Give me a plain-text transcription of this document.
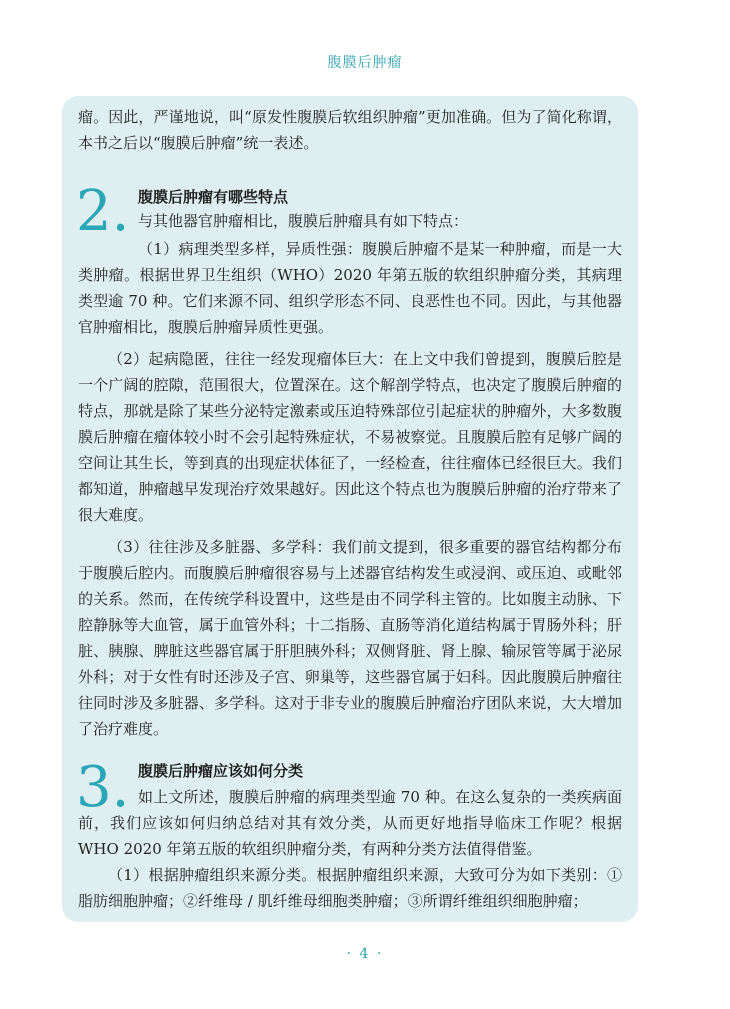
腹膜后肿瘤

瘤。因此，严谨地说，叫“原发性腹膜后软组织肿瘤”更加准确。但为了简化称谓，本书之后以“腹膜后肿瘤”统一表述。

2. 腹膜后肿瘤有哪些特点
与其他器官肿瘤相比，腹膜后肿瘤具有如下特点：

（1）病理类型多样，异质性强：腹膜后肿瘤不是某一种肿瘤，而是一大类肿瘤。根据世界卫生组织（WHO）2020 年第五版的软组织肿瘤分类，其病理类型逾 70 种。它们来源不同、组织学形态不同、良恶性也不同。因此，与其他器官肿瘤相比，腹膜后肿瘤异质性更强。

（2）起病隐匿，往往一经发现瘤体巨大：在上文中我们曾提到，腹膜后腔是一个广阔的腔隙，范围很大，位置深在。这个解剖学特点，也决定了腹膜后肿瘤的特点，那就是除了某些分泌特定激素或压迫特殊部位引起症状的肿瘤外，大多数腹膜后肿瘤在瘤体较小时不会引起特殊症状，不易被察觉。且腹膜后腔有足够广阔的空间让其生长，等到真的出现症状体征了，一经检查，往往瘤体已经很巨大。我们都知道，肿瘤越早发现治疗效果越好。因此这个特点也为腹膜后肿瘤的治疗带来了很大难度。

（3）往往涉及多脏器、多学科：我们前文提到，很多重要的器官结构都分布于腹膜后腔内。而腹膜后肿瘤很容易与上述器官结构发生或浸润、或压迫、或毗邻的关系。然而，在传统学科设置中，这些是由不同学科主管的。比如腹主动脉、下腔静脉等大血管，属于血管外科；十二指肠、直肠等消化道结构属于胃肠外科；肝脏、胰腺、脾脏这些器官属于肝胆胰外科；双侧肾脏、肾上腺、输尿管等属于泌尿外科；对于女性有时还涉及子宫、卵巢等，这些器官属于妇科。因此腹膜后肿瘤往往同时涉及多脏器、多学科。这对于非专业的腹膜后肿瘤治疗团队来说，大大增加了治疗难度。

3. 腹膜后肿瘤应该如何分类

如上文所述，腹膜后肿瘤的病理类型逾 70 种。在这么复杂的一类疾病面前，我们应该如何归纳总结对其有效分类，从而更好地指导临床工作呢？根据 WHO 2020 年第五版的软组织肿瘤分类，有两种分类方法值得借鉴。

（1）根据肿瘤组织来源分类。根据肿瘤组织来源，大致可分为如下类别：①脂肪细胞肿瘤；②纤维母 / 肌纤维母细胞类肿瘤；③所谓纤维组织细胞肿瘤；

· 4 ·
